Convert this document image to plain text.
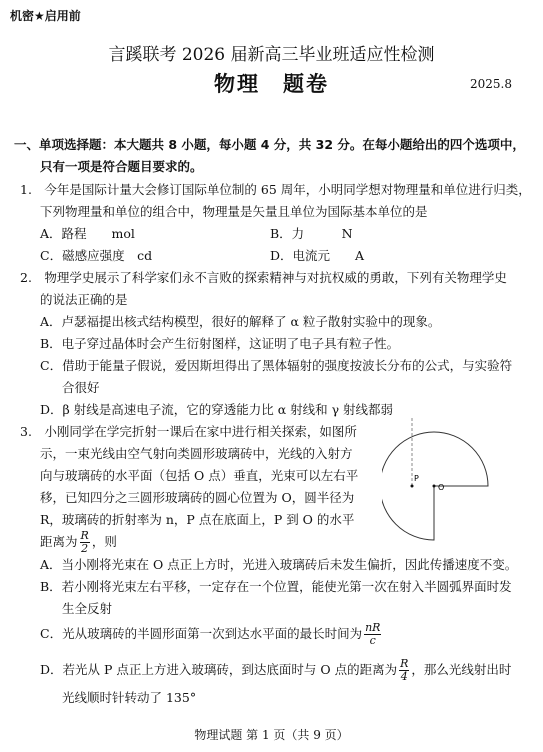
机密★启用前
言蹊联考 2026 届新高三毕业班适应性检测
物理　题卷	2025.8
一、单项选择题：本大题共 8 小题，每小题 4 分，共 32 分。在每小题给出的四个选项中，
只有一项是符合题目要求的。
1.　今年是国际计量大会修订国际单位制的 65 周年，小明同学想对物理量和单位进行归类，
下列物理量和单位的组合中，物理量是矢量且单位为国际基本单位的是
A．路程　　mol	B．力　　　N
C．磁感应强度　cd	D．电流元　　A
2.　物理学史展示了科学家们永不言败的探索精神与对抗权威的勇敢，下列有关物理学史
的说法正确的是
A．卢瑟福提出核式结构模型，很好的解释了 α 粒子散射实验中的现象。
B．电子穿过晶体时会产生衍射图样，这证明了电子具有粒子性。
C．借助于能量子假说，爱因斯坦得出了黑体辐射的强度按波长分布的公式，与实验符
合很好
D．β 射线是高速电子流，它的穿透能力比 α 射线和 γ 射线都弱
3.　小刚同学在学完折射一课后在家中进行相关探索，如图所
示，一束光线由空气射向类圆形玻璃砖中，光线的入射方
向与玻璃砖的水平面（包括 O 点）垂直，光束可以左右平
移，已知四分之三圆形玻璃砖的圆心位置为 O，圆半径为
R，玻璃砖的折射率为 n，P 点在底面上，P 到 O 的水平
距离为 $\frac{R}{2}$ ，则
P
O
A．当小刚将光束在 O 点正上方时，光进入玻璃砖后未发生偏折，因此传播速度不变。
B．若小刚将光束左右平移，一定存在一个位置，能使光第一次在射入半圆弧界面时发
生全反射
C．光从玻璃砖的半圆形面第一次到达水平面的最长时间为 $\frac{nR}{c}$
D．若光从 P 点正上方进入玻璃砖，到达底面时与 O 点的距离为 $\frac{R}{4}$ ，那么光线射出时
光线顺时针转动了 135°
物理试题 第 1 页（共 9 页）
